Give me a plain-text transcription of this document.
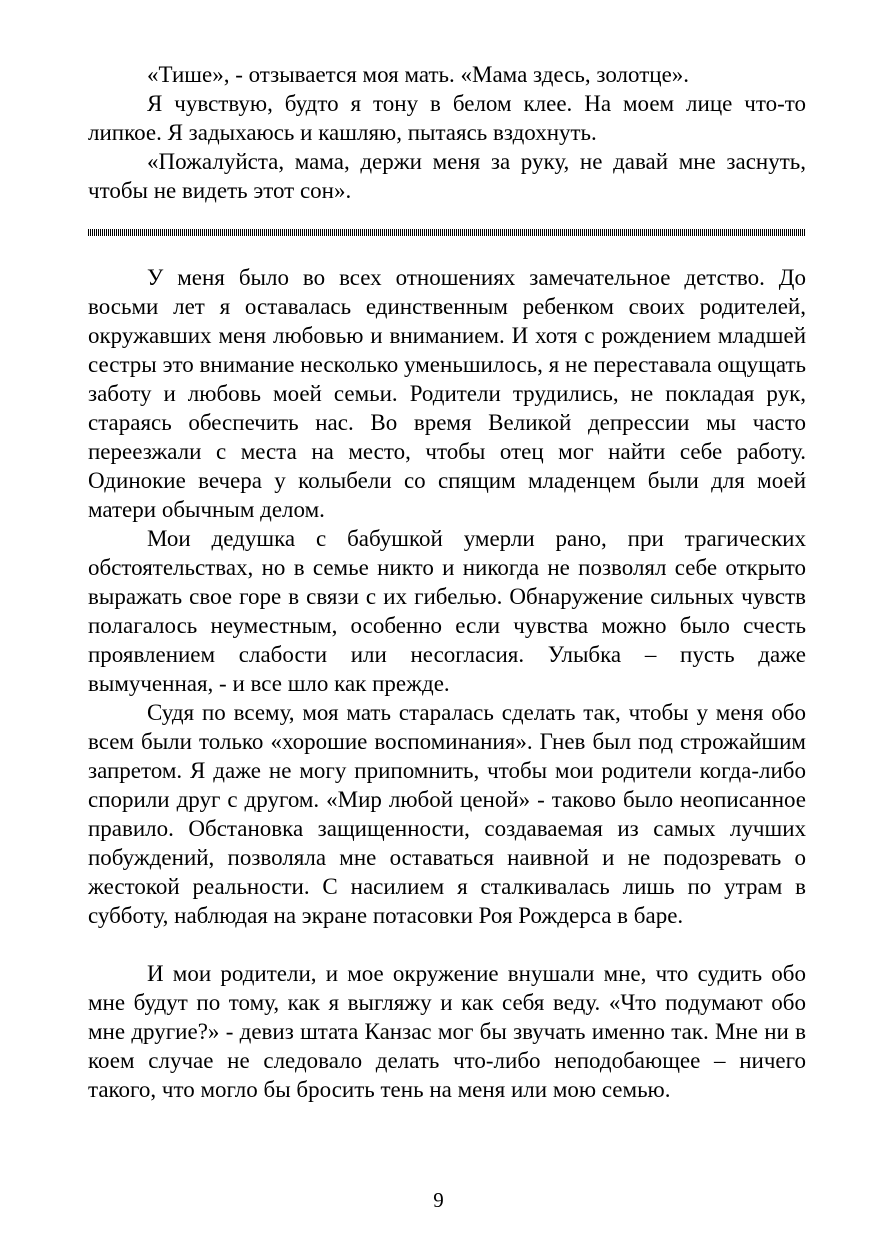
«Тише», - отзывается моя мать. «Мама здесь, золотце».

Я чувствую, будто я тону в белом клее. На моем лице что-то липкое. Я задыхаюсь и кашляю, пытаясь вздохнуть.

«Пожалуйста, мама, держи меня за руку, не давай мне заснуть, чтобы не видеть этот сон».

У меня было во всех отношениях замечательное детство. До восьми лет я оставалась единственным ребенком своих родителей, окружавших меня любовью и вниманием. И хотя с рождением младшей сестры это внимание несколько уменьшилось, я не переставала ощущать заботу и любовь моей семьи. Родители трудились, не покладая рук, стараясь обеспечить нас. Во время Великой депрессии мы часто переезжали с места на место, чтобы отец мог найти себе работу. Одинокие вечера у колыбели со спящим младенцем были для моей матери обычным делом.

Мои дедушка с бабушкой умерли рано, при трагических обстоятельствах, но в семье никто и никогда не позволял себе открыто выражать свое горе в связи с их гибелью. Обнаружение сильных чувств полагалось неуместным, особенно если чувства можно было счесть проявлением слабости или несогласия. Улыбка – пусть даже вымученная, - и все шло как прежде.

Судя по всему, моя мать старалась сделать так, чтобы у меня обо всем были только «хорошие воспоминания». Гнев был под строжайшим запретом. Я даже не могу припомнить, чтобы мои родители когда-либо спорили друг с другом. «Мир любой ценой» - таково было неописанное правило. Обстановка защищенности, создаваемая из самых лучших побуждений, позволяла мне оставаться наивной и не подозревать о жестокой реальности. С насилием я сталкивалась лишь по утрам в субботу, наблюдая на экране потасовки Роя Рождерса в баре.

И мои родители, и мое окружение внушали мне, что судить обо мне будут по тому, как я выгляжу и как себя веду. «Что подумают обо мне другие?» - девиз штата Канзас мог бы звучать именно так. Мне ни в коем случае не следовало делать что-либо неподобающее – ничего такого, что могло бы бросить тень на меня или мою семью.

9
